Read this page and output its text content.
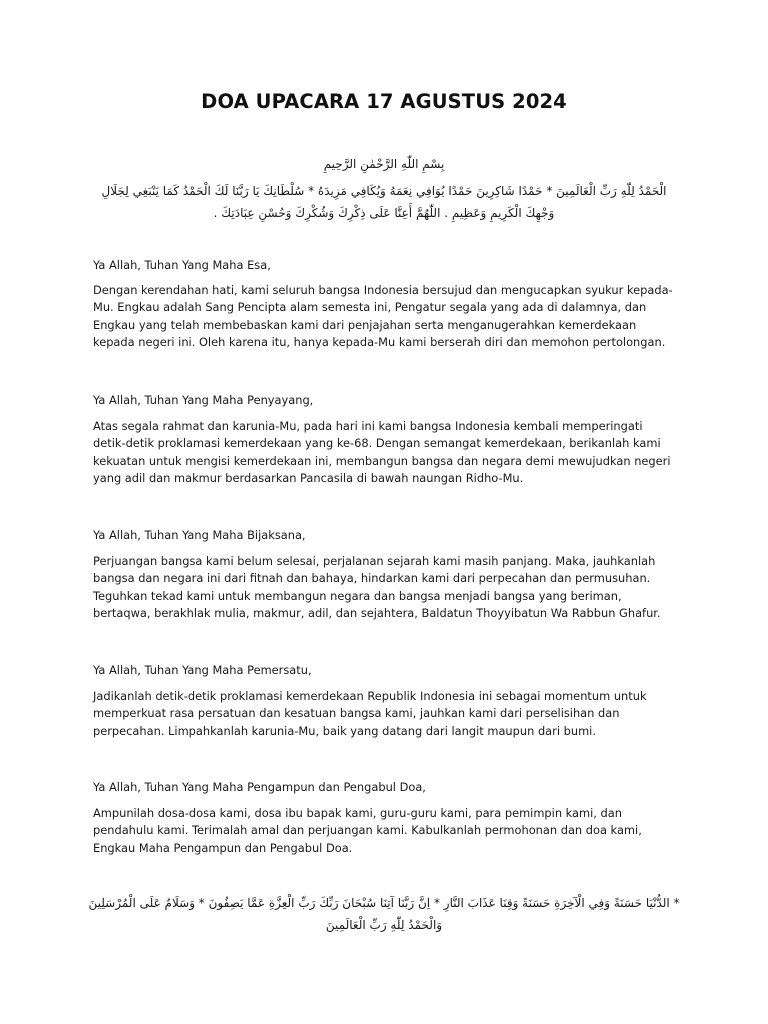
DOA UPACARA 17 AGUSTUS 2024
بِسْمِ اللّٰهِ الرَّحْمٰنِ الرَّحِيمِ
الْحَمْدُ لِلّٰهِ رَبِّ الْعَالَمِينَ * حَمْدًا شَاكِرِينَ حَمْدًا يُوَافِي نِعَمَهُ وَيُكَافِي مَزِيدَهُ * سُلْطَانِكَ يَا رَبَّنَا لَكَ الْحَمْدُ كَمَا يَنْبَغِي لِجَلَالِ وَجْهِكَ الْكَرِيمِ وَعَظِيمِ . اللّٰهُمَّ أَعِنَّا عَلَى ذِكْرِكَ وَشُكْرِكَ وَحُسْنِ عِبَادَتِكَ .
Ya Allah, Tuhan Yang Maha Esa,
Dengan kerendahan hati, kami seluruh bangsa Indonesia bersujud dan mengucapkan syukur kepada-
Mu. Engkau adalah Sang Pencipta alam semesta ini, Pengatur segala yang ada di dalamnya, dan
Engkau yang telah membebaskan kami dari penjajahan serta menganugerahkan kemerdekaan
kepada negeri ini. Oleh karena itu, hanya kepada-Mu kami berserah diri dan memohon pertolongan.
Ya Allah, Tuhan Yang Maha Penyayang,
Atas segala rahmat dan karunia-Mu, pada hari ini kami bangsa Indonesia kembali memperingati
detik-detik proklamasi kemerdekaan yang ke-68. Dengan semangat kemerdekaan, berikanlah kami
kekuatan untuk mengisi kemerdekaan ini, membangun bangsa dan negara demi mewujudkan negeri
yang adil dan makmur berdasarkan Pancasila di bawah naungan Ridho-Mu.
Ya Allah, Tuhan Yang Maha Bijaksana,
Perjuangan bangsa kami belum selesai, perjalanan sejarah kami masih panjang. Maka, jauhkanlah
bangsa dan negara ini dari fitnah dan bahaya, hindarkan kami dari perpecahan dan permusuhan.
Teguhkan tekad kami untuk membangun negara dan bangsa menjadi bangsa yang beriman,
bertaqwa, berakhlak mulia, makmur, adil, dan sejahtera, Baldatun Thoyyibatun Wa Rabbun Ghafur.
Ya Allah, Tuhan Yang Maha Pemersatu,
Jadikanlah detik-detik proklamasi kemerdekaan Republik Indonesia ini sebagai momentum untuk
memperkuat rasa persatuan dan kesatuan bangsa kami, jauhkan kami dari perselisihan dan
perpecahan. Limpahkanlah karunia-Mu, baik yang datang dari langit maupun dari bumi.
Ya Allah, Tuhan Yang Maha Pengampun dan Pengabul Doa,
Ampunilah dosa-dosa kami, dosa ibu bapak kami, guru-guru kami, para pemimpin kami, dan
pendahulu kami. Terimalah amal dan perjuangan kami. Kabulkanlah permohonan dan doa kami,
Engkau Maha Pengampun dan Pengabul Doa.
* الدُّنْيَا حَسَنَةً وَفِي الْآخِرَةِ حَسَنَةً وَقِنَا عَذَابَ النَّارِ * اِنَّ رَبَّنَا آتِنَا سُبْحَانَ رَبِّكَ رَبِّ الْعِزَّةِ عَمَّا يَصِفُونَ * وَسَلَامٌ عَلَى الْمُرْسَلِينَ وَالْحَمْدُ لِلّٰهِ رَبِّ الْعَالَمِينَ
